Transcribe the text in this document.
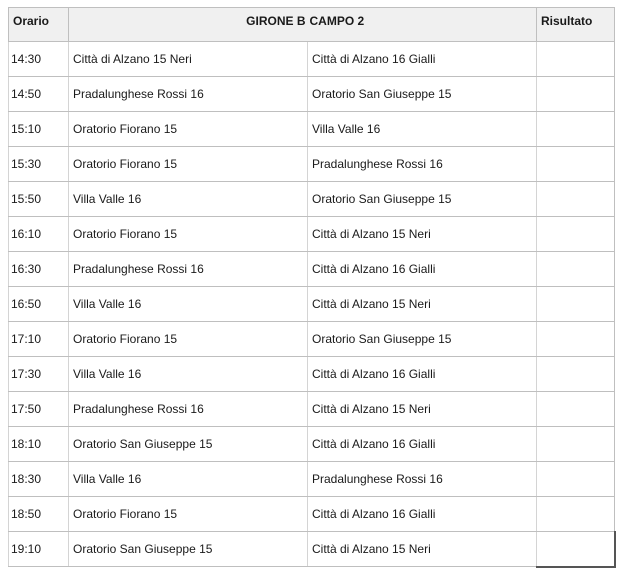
Orario	GIRONE B	CAMPO 2	Risultato
14:30	Città di Alzano 15 Neri	Città di Alzano 16 Gialli	
14:50	Pradalunghese Rossi 16	Oratorio San Giuseppe 15	
15:10	Oratorio Fiorano 15	Villa Valle 16	
15:30	Oratorio Fiorano 15	Pradalunghese Rossi 16	
15:50	Villa Valle 16	Oratorio San Giuseppe 15	
16:10	Oratorio Fiorano 15	Città di Alzano 15 Neri	
16:30	Pradalunghese Rossi 16	Città di Alzano 16 Gialli	
16:50	Villa Valle 16	Città di Alzano 15 Neri	
17:10	Oratorio Fiorano 15	Oratorio San Giuseppe 15	
17:30	Villa Valle 16	Città di Alzano 16 Gialli	
17:50	Pradalunghese Rossi 16	Città di Alzano 15 Neri	
18:10	Oratorio San Giuseppe 15	Città di Alzano 16 Gialli	
18:30	Villa Valle 16	Pradalunghese Rossi 16	
18:50	Oratorio Fiorano 15	Città di Alzano 16 Gialli	
19:10	Oratorio San Giuseppe 15	Città di Alzano 15 Neri	
